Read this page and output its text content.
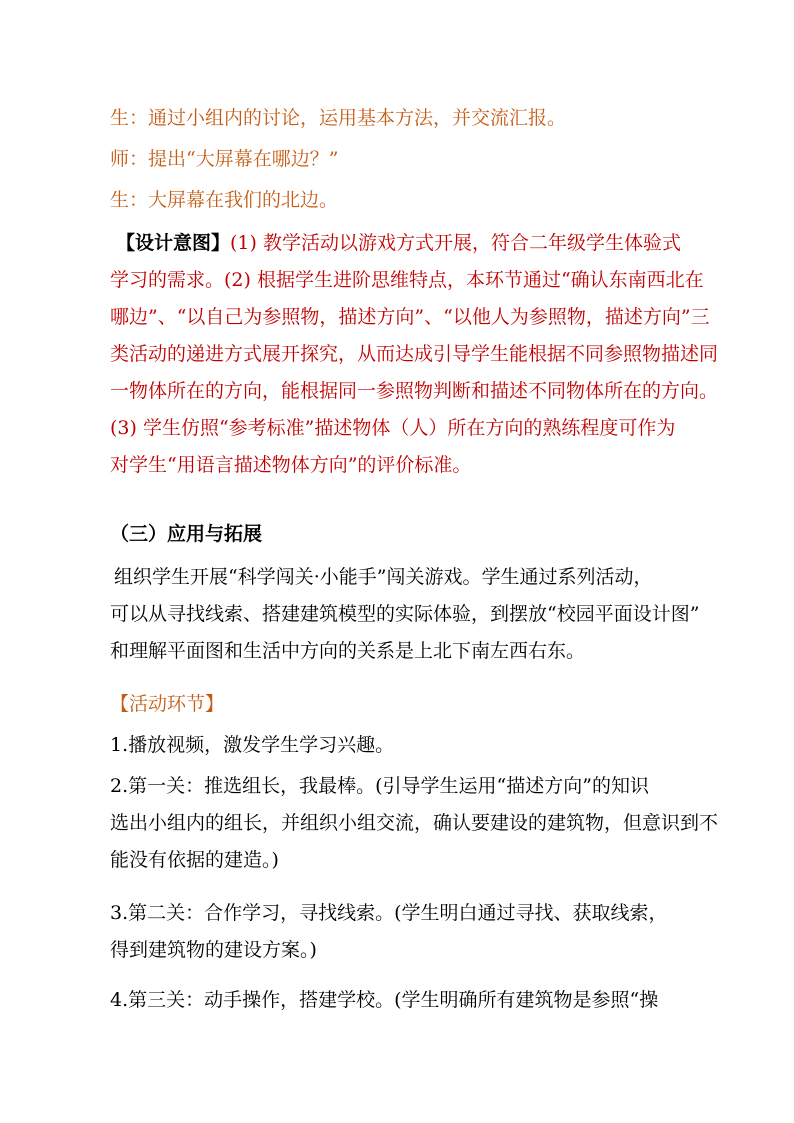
生：通过小组内的讨论，运用基本方法，并交流汇报。

师：提出“大屏幕在哪边？”

生：大屏幕在我们的北边。

【设计意图】(1) 教学活动以游戏方式开展，符合二年级学生体验式
学习的需求。(2) 根据学生进阶思维特点，本环节通过“确认东南西北在
哪边”、“以自己为参照物，描述方向”、“以他人为参照物，描述方向”三
类活动的递进方式展开探究，从而达成引导学生能根据不同参照物描述同
一物体所在的方向，能根据同一参照物判断和描述不同物体所在的方向。
(3) 学生仿照“参考标准”描述物体（人）所在方向的熟练程度可作为
对学生“用语言描述物体方向”的评价标准。

（三）应用与拓展

组织学生开展“科学闯关·小能手”闯关游戏。学生通过系列活动，
可以从寻找线索、搭建建筑模型的实际体验，到摆放“校园平面设计图”
和理解平面图和生活中方向的关系是上北下南左西右东。

【活动环节】

1.播放视频，激发学生学习兴趣。

2.第一关：推选组长，我最棒。(引导学生运用“描述方向”的知识
选出小组内的组长，并组织小组交流，确认要建设的建筑物，但意识到不
能没有依据的建造。)
3.第二关：合作学习，寻找线索。(学生明白通过寻找、获取线索，
得到建筑物的建设方案。)

4.第三关：动手操作，搭建学校。(学生明确所有建筑物是参照“操
